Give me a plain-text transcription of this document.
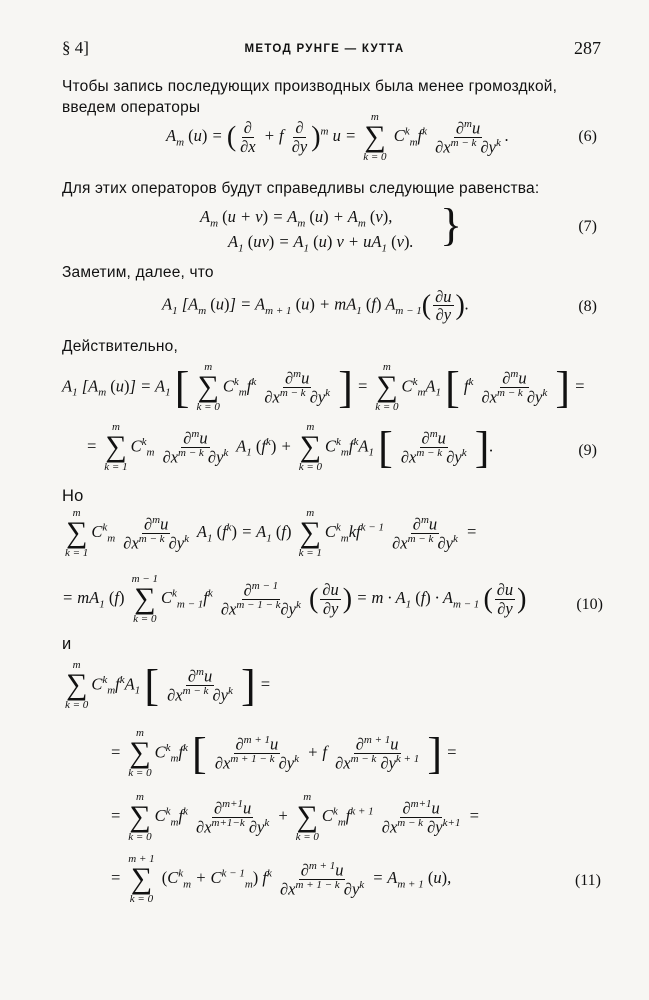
§ 4]	МЕТОД РУНГЕ — КУТТА	287
Чтобы запись последующих производных была менее громоздкой, введем операторы
$A_m$ (u) = ( $\frac{\partial}{\partial x} + f \frac{\partial}{\partial y} )^m$ u =
m
∑
k = 0
$C^k_mf^k \frac{\partial^mu}{\partial x^{m - k} \partial y^k}$ .	(6)
Для этих операторов будут справедливы следующие равенства:
$A_m$ $(u + v) = A_m$ $(u) + A_m$ (v),
$A_1$ $(uv) = A_1$ (u) $v + uA_1$ (v). }	(7)
Заметим, далее, что
$A_1$ [$A_m$ $(u)] = A_{m + 1}$ $(u) + mA_1$ (f) $A_{m - 1}( \frac{\partial u}{\partial y}$ ).	(8)
Действительно,
$A_1$ [$A_m$ $(u)] = A_1$ [ m
∑
k = 0
$C^k_mf^k \frac{\partial^mu}{\partial x^{m - k} \partial y^k}$ ] =
m
∑
k = 0
$C^k_mA_1$ [ $f^k \frac{\partial^mu}{\partial x^{m - k} \partial y^k}$ ] =
=
m
∑
k = 1
$C^k_m \frac{\partial^mu}{\partial x^{m - k} \partial y^k} A_1$ $(f^k)$ +
m
∑
k = 0
$C^k_mf^kA_1$ [ $\frac{\partial^mu}{\partial x^{m - k} \partial y^k}$ ].	(9)
Но
m
∑
k = 1
$C^k_m \frac{\partial^mu}{\partial x^{m - k} \partial y^k} A_1$ $(f^k) = A_1$ (f)
m
∑
k = 1
$C^k_mkf^{k - 1} \frac{\partial^mu}{\partial x^{m - k} \partial y^k}$ =
= $mA_1$ (f)
m − 1
∑
k = 0
$C^k_{m - 1}f^k \frac{\partial^{m - 1}}{\partial x^{m - 1 - k}\partial y^k}$ ( $\frac{\partial u}{\partial y}$ ) = $m \cdot A_1$ $(f) \cdot A_{m - 1}$ ( $\frac{\partial u}{\partial y}$ )	(10)
и
m
∑
k = 0
$C^k_mf^kA_1$ [ $\frac{\partial^mu}{\partial x^{m - k} \partial y^k}$ ] =
=
m
∑
k = 0
$C^k_mf^k$ [ $\frac{\partial^{m + 1}u}{\partial x^{m + 1 - k} \partial y^k} + f \frac{\partial^{m + 1}u}{\partial x^{m - k} \partial y^{k + 1}}$ ] =
=
m
∑
k = 0
$C^k_mf^k \frac{\partial^{m+1}u}{\partial x^{m+1-k} \partial y^k}$ +
m
∑
k = 0
$C^k_mf^{k + 1} \frac{\partial^{m+1}u}{\partial x^{m - k} \partial y^{k+1}}$ =
=
m + 1
∑
k = 0
$(C^k_m + C^{k - 1}_m)$ $f^k \frac{\partial^{m + 1}u}{\partial x^{m + 1 - k} \partial y^k} = A_{m + 1}$ (u),	(11)
